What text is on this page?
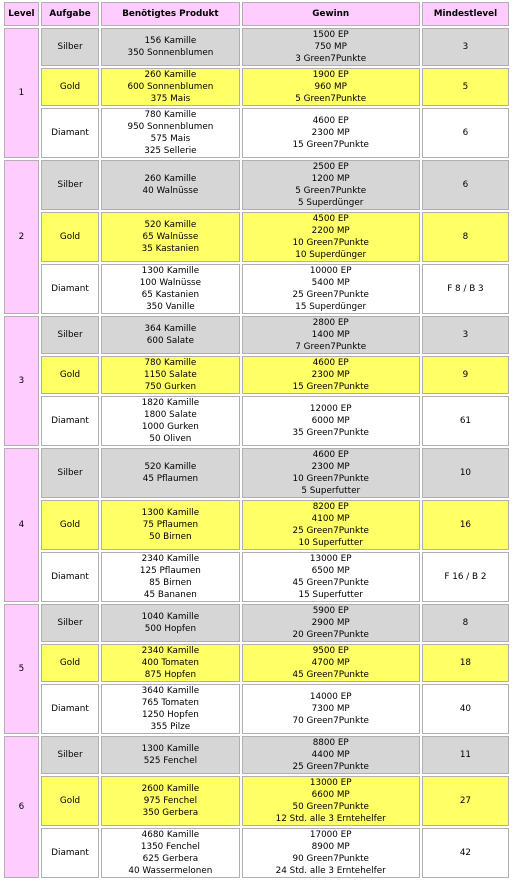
Level	Aufgabe	Benötigtes Produkt	Gewinn	Mindestlevel
1	Silber	156 Kamille
350 Sonnenblumen	1500 EP
750 MP
3 Green7Punkte	3
	Gold	260 Kamille
600 Sonnenblumen
375 Mais	1900 EP
960 MP
5 Green7Punkte	5
	Diamant	780 Kamille
950 Sonnenblumen
575 Mais
325 Sellerie	4600 EP
2300 MP
15 Green7Punkte	6
2	Silber	260 Kamille
40 Walnüsse	2500 EP
1200 MP
5 Green7Punkte
5 Superdünger	6
	Gold	520 Kamille
65 Walnüsse
35 Kastanien	4500 EP
2200 MP
10 Green7Punkte
10 Superdünger	8
	Diamant	1300 Kamille
100 Walnüsse
65 Kastanien
350 Vanille	10000 EP
5400 MP
25 Green7Punkte
15 Superdünger	F 8 / B 3
3	Silber	364 Kamille
600 Salate	2800 EP
1400 MP
7 Green7Punkte	3
	Gold	780 Kamille
1150 Salate
750 Gurken	4600 EP
2300 MP
15 Green7Punkte	9
	Diamant	1820 Kamille
1800 Salate
1000 Gurken
50 Oliven	12000 EP
6000 MP
35 Green7Punkte	61
4	Silber	520 Kamille
45 Pflaumen	4600 EP
2300 MP
10 Green7Punkte
5 Superfutter	10
	Gold	1300 Kamille
75 Pflaumen
50 Birnen	8200 EP
4100 MP
25 Green7Punkte
10 Superfutter	16
	Diamant	2340 Kamille
125 Pflaumen
85 Birnen
45 Bananen	13000 EP
6500 MP
45 Green7Punkte
15 Superfutter	F 16 / B 2
5	Silber	1040 Kamille
500 Hopfen	5900 EP
2900 MP
20 Green7Punkte	8
	Gold	2340 Kamille
400 Tomaten
875 Hopfen	9500 EP
4700 MP
45 Green7Punkte	18
	Diamant	3640 Kamille
765 Tomaten
1250 Hopfen
355 Pilze	14000 EP
7300 MP
70 Green7Punkte	40
6	Silber	1300 Kamille
525 Fenchel	8800 EP
4400 MP
25 Green7Punkte	11
	Gold	2600 Kamille
975 Fenchel
350 Gerbera	13000 EP
6600 MP
50 Green7Punkte
12 Std. alle 3 Erntehelfer	27
	Diamant	4680 Kamille
1350 Fenchel
625 Gerbera
40 Wassermelonen	17000 EP
8900 MP
90 Green7Punkte
24 Std. alle 3 Erntehelfer	42
